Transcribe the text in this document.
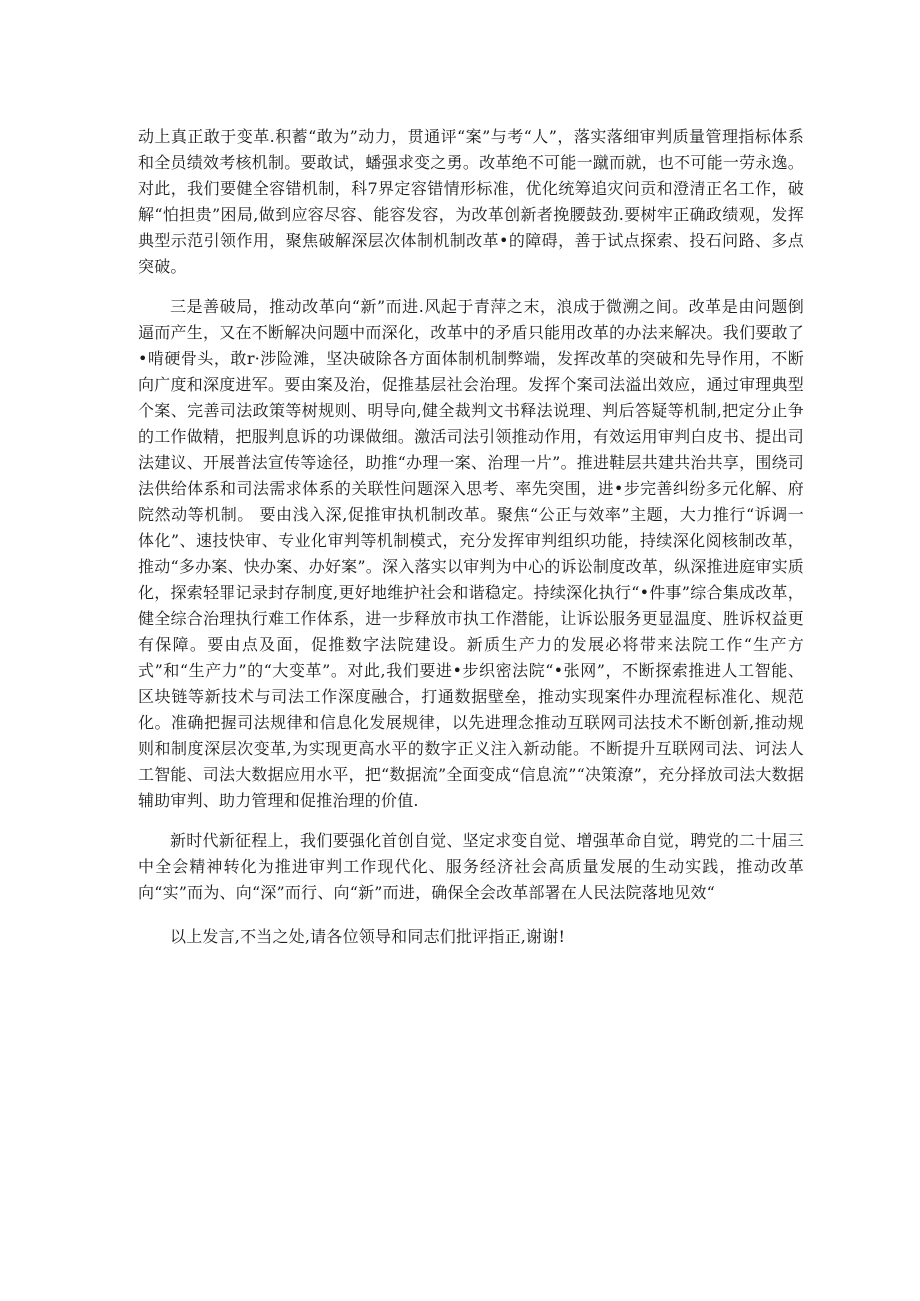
动上真正敢于变革.积蓄“敢为”动力，贯通评“案”与考“人”，落实落细审判质量管理指标体系和全员绩效考核机制。要敢试，蟠强求变之勇。改革绝不可能一蹴而就，也不可能一劳永逸。对此，我们要健全容错机制，科7界定容错情形标准，优化统筹追灾问贡和澄清正名工作，破解“怕担贵”困局,做到应容尽容、能容发容，为改革创新者挽腰鼓劲.要树牢正确政绩观，发挥典型示范引领作用，聚焦破解深层次体制机制改革•的障碍，善于试点探索、投石问路、多点突破。

三是善破局，推动改革向“新”而进.风起于青萍之末，浪成于微溯之间。改革是由问题倒逼而产生，又在不断解决问题中而深化，改革中的矛盾只能用改革的办法来解决。我们要敢了•啃硬骨头，敢r·涉险滩，坚决破除各方面体制机制弊端，发挥改革的突破和先导作用，不断向广度和深度进军。要由案及治，促推基层社会治理。发挥个案司法溢出效应，通过审理典型个案、完善司法政策等树规则、明导向,健全裁判文书释法说理、判后答疑等机制,把定分止争的工作做精，把服判息诉的功课做细。激活司法引领推动作用，有效运用审判白皮书、提出司法建议、开展普法宣传等途径，助推“办理一案、治理一片”。推进鞋层共建共治共享，围绕司法供给体系和司法需求体系的关联性问题深入思考、率先突围，进•步完善纠纷多元化解、府院然动等机制。 要由浅入深,促推审执机制改革。聚焦“公正与效率”主题，大力推行“诉调一体化”、速技快审、专业化审判等机制模式，充分发挥审判组织功能，持续深化阅核制改革，推动“多办案、快办案、办好案”。深入落实以审判为中心的诉讼制度改革，纵深推进庭审实质化，探索轻罪记录封存制度,更好地维护社会和谐稳定。持续深化执行“•件事”综合集成改革，健全综合治理执行难工作体系，进一步释放市执工作潜能，让诉讼服务更显温度、胜诉权益更有保障。要由点及面，促推数字法院建设。新质生产力的发展必将带来法院工作“生产方式”和“生产力”的“大变革”。对此,我们要进•步织密法院“•张网”，不断探索推进人工智能、区块链等新技术与司法工作深度融合，打通数据壁垒，推动实现案件办理流程标准化、规范化。准确把握司法规律和信息化发展规律，以先进理念推动互联网司法技术不断创新,推动规则和制度深层次变革,为实现更高水平的数字正义注入新动能。不断提升互联网司法、诃法人工智能、司法大数据应用水平，把“数据流”全面变成“信息流”“决策潦”，充分择放司法大数据辅助审判、助力管理和促推治理的价值.

新时代新征程上，我们要强化首创自觉、坚定求变自觉、增强革命自觉，聘党的二十届三中全会精神转化为推进审判工作现代化、服务经济社会高质量发展的生动实践，推动改革向“实”而为、向“深”而行、向“新”而进，确保全会改革部署在人民法院落地见效“

以上发言,不当之处,请各位领导和同志们批评指正,谢谢!
